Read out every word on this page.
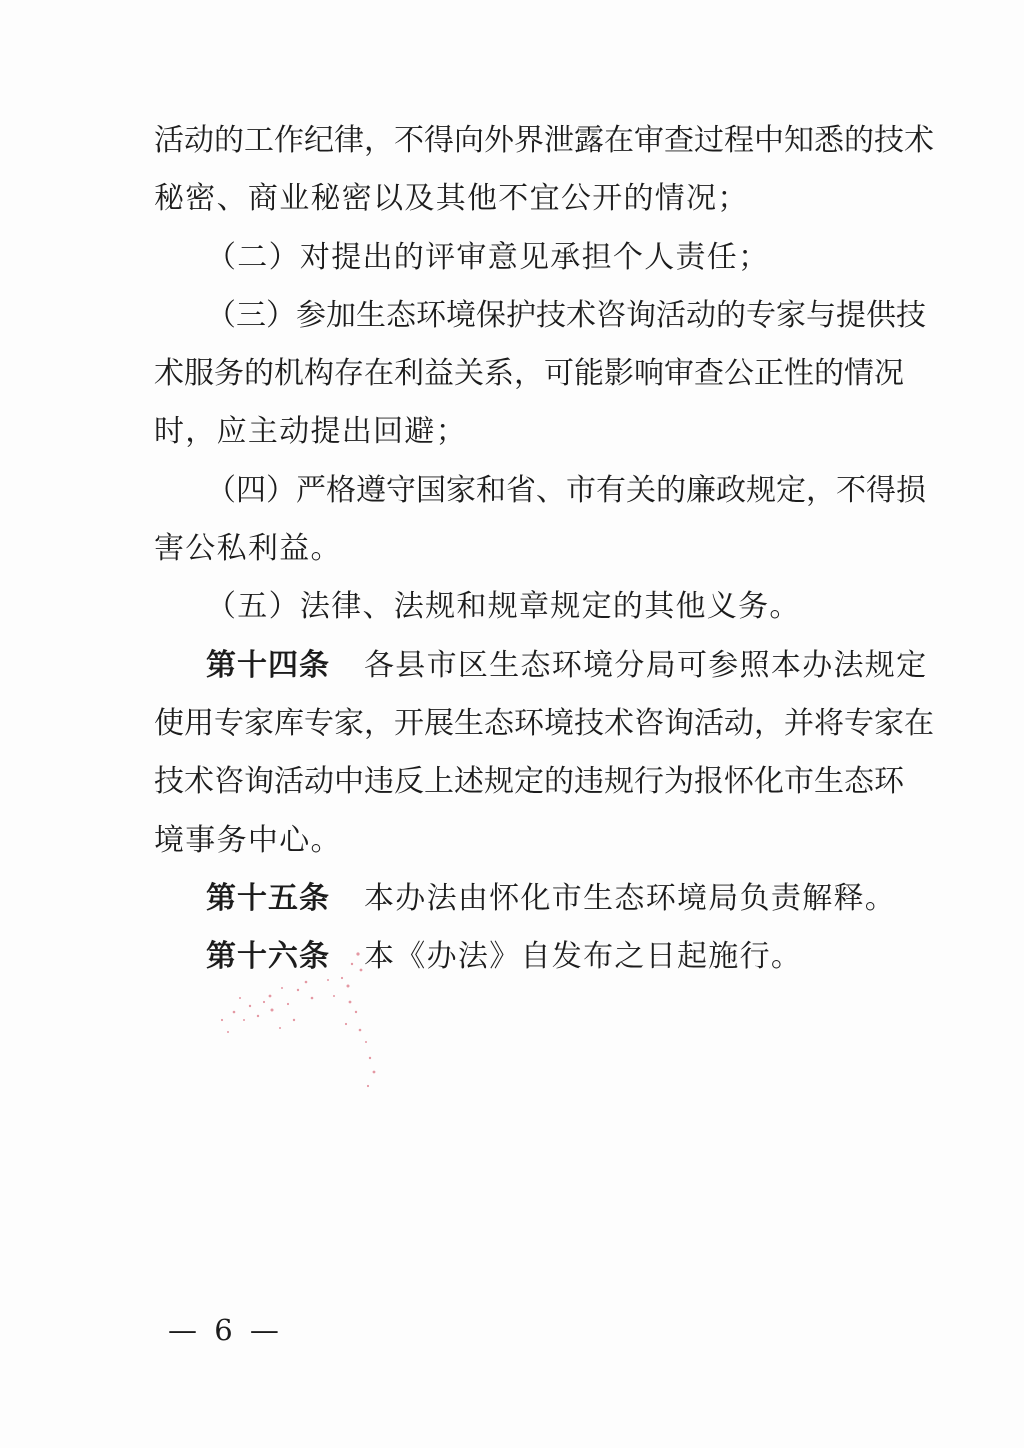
活动的工作纪律，不得向外界泄露在审查过程中知悉的技术
秘密、商业秘密以及其他不宜公开的情况；
（二）对提出的评审意见承担个人责任；
（三）参加生态环境保护技术咨询活动的专家与提供技
术服务的机构存在利益关系，可能影响审查公正性的情况
时，应主动提出回避；
（四）严格遵守国家和省、市有关的廉政规定，不得损
害公私利益。
（五）法律、法规和规章规定的其他义务。
第十四条 各县市区生态环境分局可参照本办法规定
使用专家库专家，开展生态环境技术咨询活动，并将专家在
技术咨询活动中违反上述规定的违规行为报怀化市生态环
境事务中心。
第十五条 本办法由怀化市生态环境局负责解释。
第十六条 本《办法》自发布之日起施行。
— 6 —
